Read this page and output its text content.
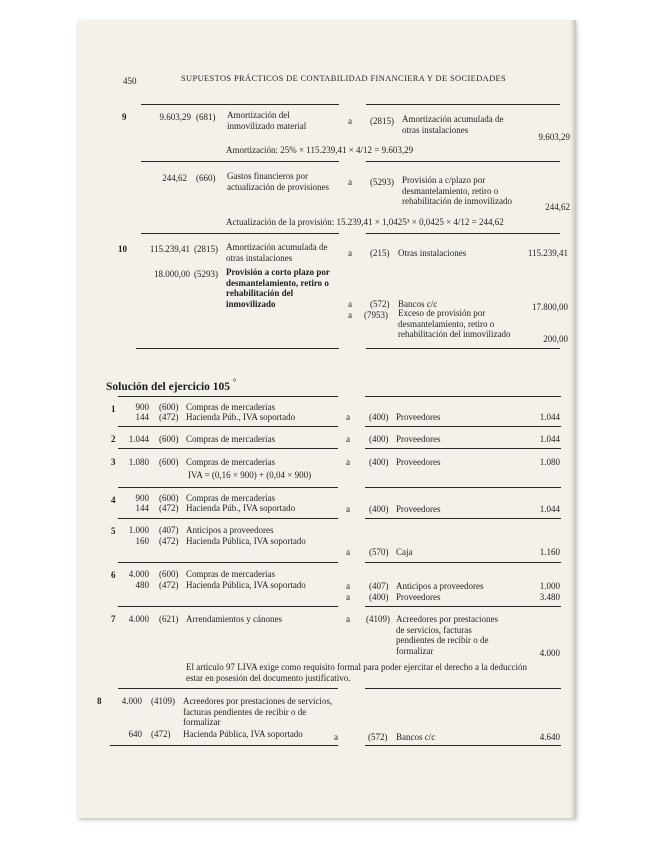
450	SUPUESTOS PRÁCTICOS DE CONTABILIDAD FINANCIERA Y DE SOCIEDADES
9	9.603,29 (681) Amortización del inmovilizado material	a (2815) Amortización acumulada de otras instalaciones
9.603,29
Amortización: 25% × 115.239,41 × 4/12 = 9.603,29
244,62 (660) Gastos financieros por actualización de provisiones	a (5293) Provisión a c/plazo por desmantelamiento, retiro o rehabilitación de inmovilizado
244,62
Actualización de la provisión: 15.239,41 × 1,0425³ × 0,0425 × 4/12 = 244,62
10	115.239,41 (2815) Amortización acumulada de otras instalaciones	a (215) Otras instalaciones	115.239,41
18.000,00 (5293) Provisión a corto plazo por desmantelamiento, retiro o rehabilitación del inmovilizado	a (572) Bancos c/c	17.800,00
a (7953) Exceso de provisión por desmantelamiento, retiro o rehabilitación del inmovilizado	200,00
Solución del ejercicio 105 °
1	900 (600) Compras de mercaderías
144 (472) Hacienda Púb., IVA soportado	a (400) Proveedores	1.044
2	1.044 (600) Compras de mercaderías	a (400) Proveedores	1.044
3	1.080 (600) Compras de mercaderías	a (400) Proveedores	1.080
IVA = (0,16 × 900) + (0,04 × 900)
4	900 (600) Compras de mercaderías
144 (472) Hacienda Púb., IVA soportado	a (400) Proveedores	1.044
5	1.000 (407) Anticipos a proveedores
160 (472) Hacienda Pública, IVA soportado
a (570) Caja	1.160
6	4.000 (600) Compras de mercaderías
480 (472) Hacienda Pública, IVA soportado	a (407) Anticipos a proveedores	1.000
a (400) Proveedores	3.480
7	4.000 (621) Arrendamientos y cánones	a (4109) Acreedores por prestaciones de servicios, facturas pendientes de recibir o de formalizar	4.000
El artículo 97 LIVA exige como requisito formal para poder ejercitar el derecho a la deducción estar en posesión del documento justificativo.
8	4.000 (4109) Acreedores por prestaciones de servicios, facturas pendientes de recibir o de formalizar
640 (472) Hacienda Pública, IVA soportado	a	(572) Bancos c/c	4.640
